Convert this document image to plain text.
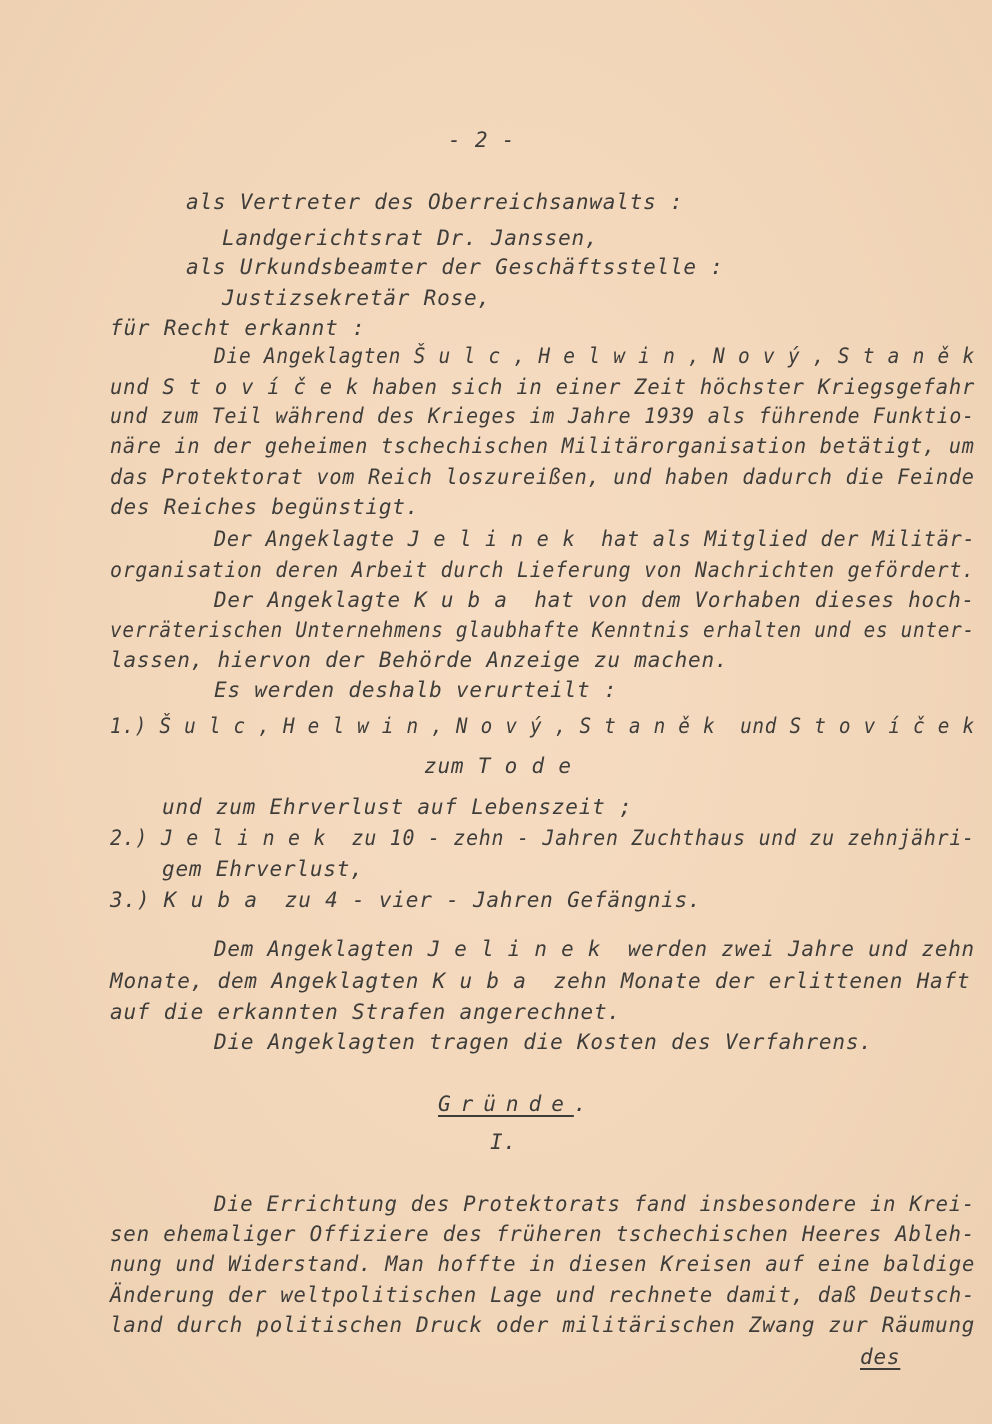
- 2 -
als Vertreter des Oberreichsanwalts :
Landgerichtsrat Dr. Janssen,
als Urkundsbeamter der Geschäftsstelle :
Justizsekretär Rose,
für Recht erkannt :
Die Angeklagten Š u l c , H e l w i n , N o v ý , S t a n ě k
und S t o v í č e k haben sich in einer Zeit höchster Kriegsgefahr
und zum Teil während des Krieges im Jahre 1939 als führende Funktio-
näre in der geheimen tschechischen Militärorganisation betätigt, um
das Protektorat vom Reich loszureißen, und haben dadurch die Feinde
des Reiches begünstigt.
Der Angeklagte J e l i n e k  hat als Mitglied der Militär-
organisation deren Arbeit durch Lieferung von Nachrichten gefördert.
Der Angeklagte K u b a  hat von dem Vorhaben dieses hoch-
verräterischen Unternehmens glaubhafte Kenntnis erhalten und es unter-
lassen, hiervon der Behörde Anzeige zu machen.
Es werden deshalb verurteilt :
1.) Š u l c , H e l w i n , N o v ý , S t a n ě k  und S t o v í č e k
zum T o d e
und zum Ehrverlust auf Lebenszeit ;
2.) J e l i n e k  zu 10 - zehn - Jahren Zuchthaus und zu zehnjähri-
gem Ehrverlust,
3.) K u b a  zu 4 - vier - Jahren Gefängnis.
Dem Angeklagten J e l i n e k  werden zwei Jahre und zehn
Monate, dem Angeklagten K u b a  zehn Monate der erlittenen Haft
auf die erkannten Strafen angerechnet.
Die Angeklagten tragen die Kosten des Verfahrens.
Gründe.
I.
Die Errichtung des Protektorats fand insbesondere in Krei-
sen ehemaliger Offiziere des früheren tschechischen Heeres Ableh-
nung und Widerstand. Man hoffte in diesen Kreisen auf eine baldige
Änderung der weltpolitischen Lage und rechnete damit, daß Deutsch-
land durch politischen Druck oder militärischen Zwang zur Räumung
des
